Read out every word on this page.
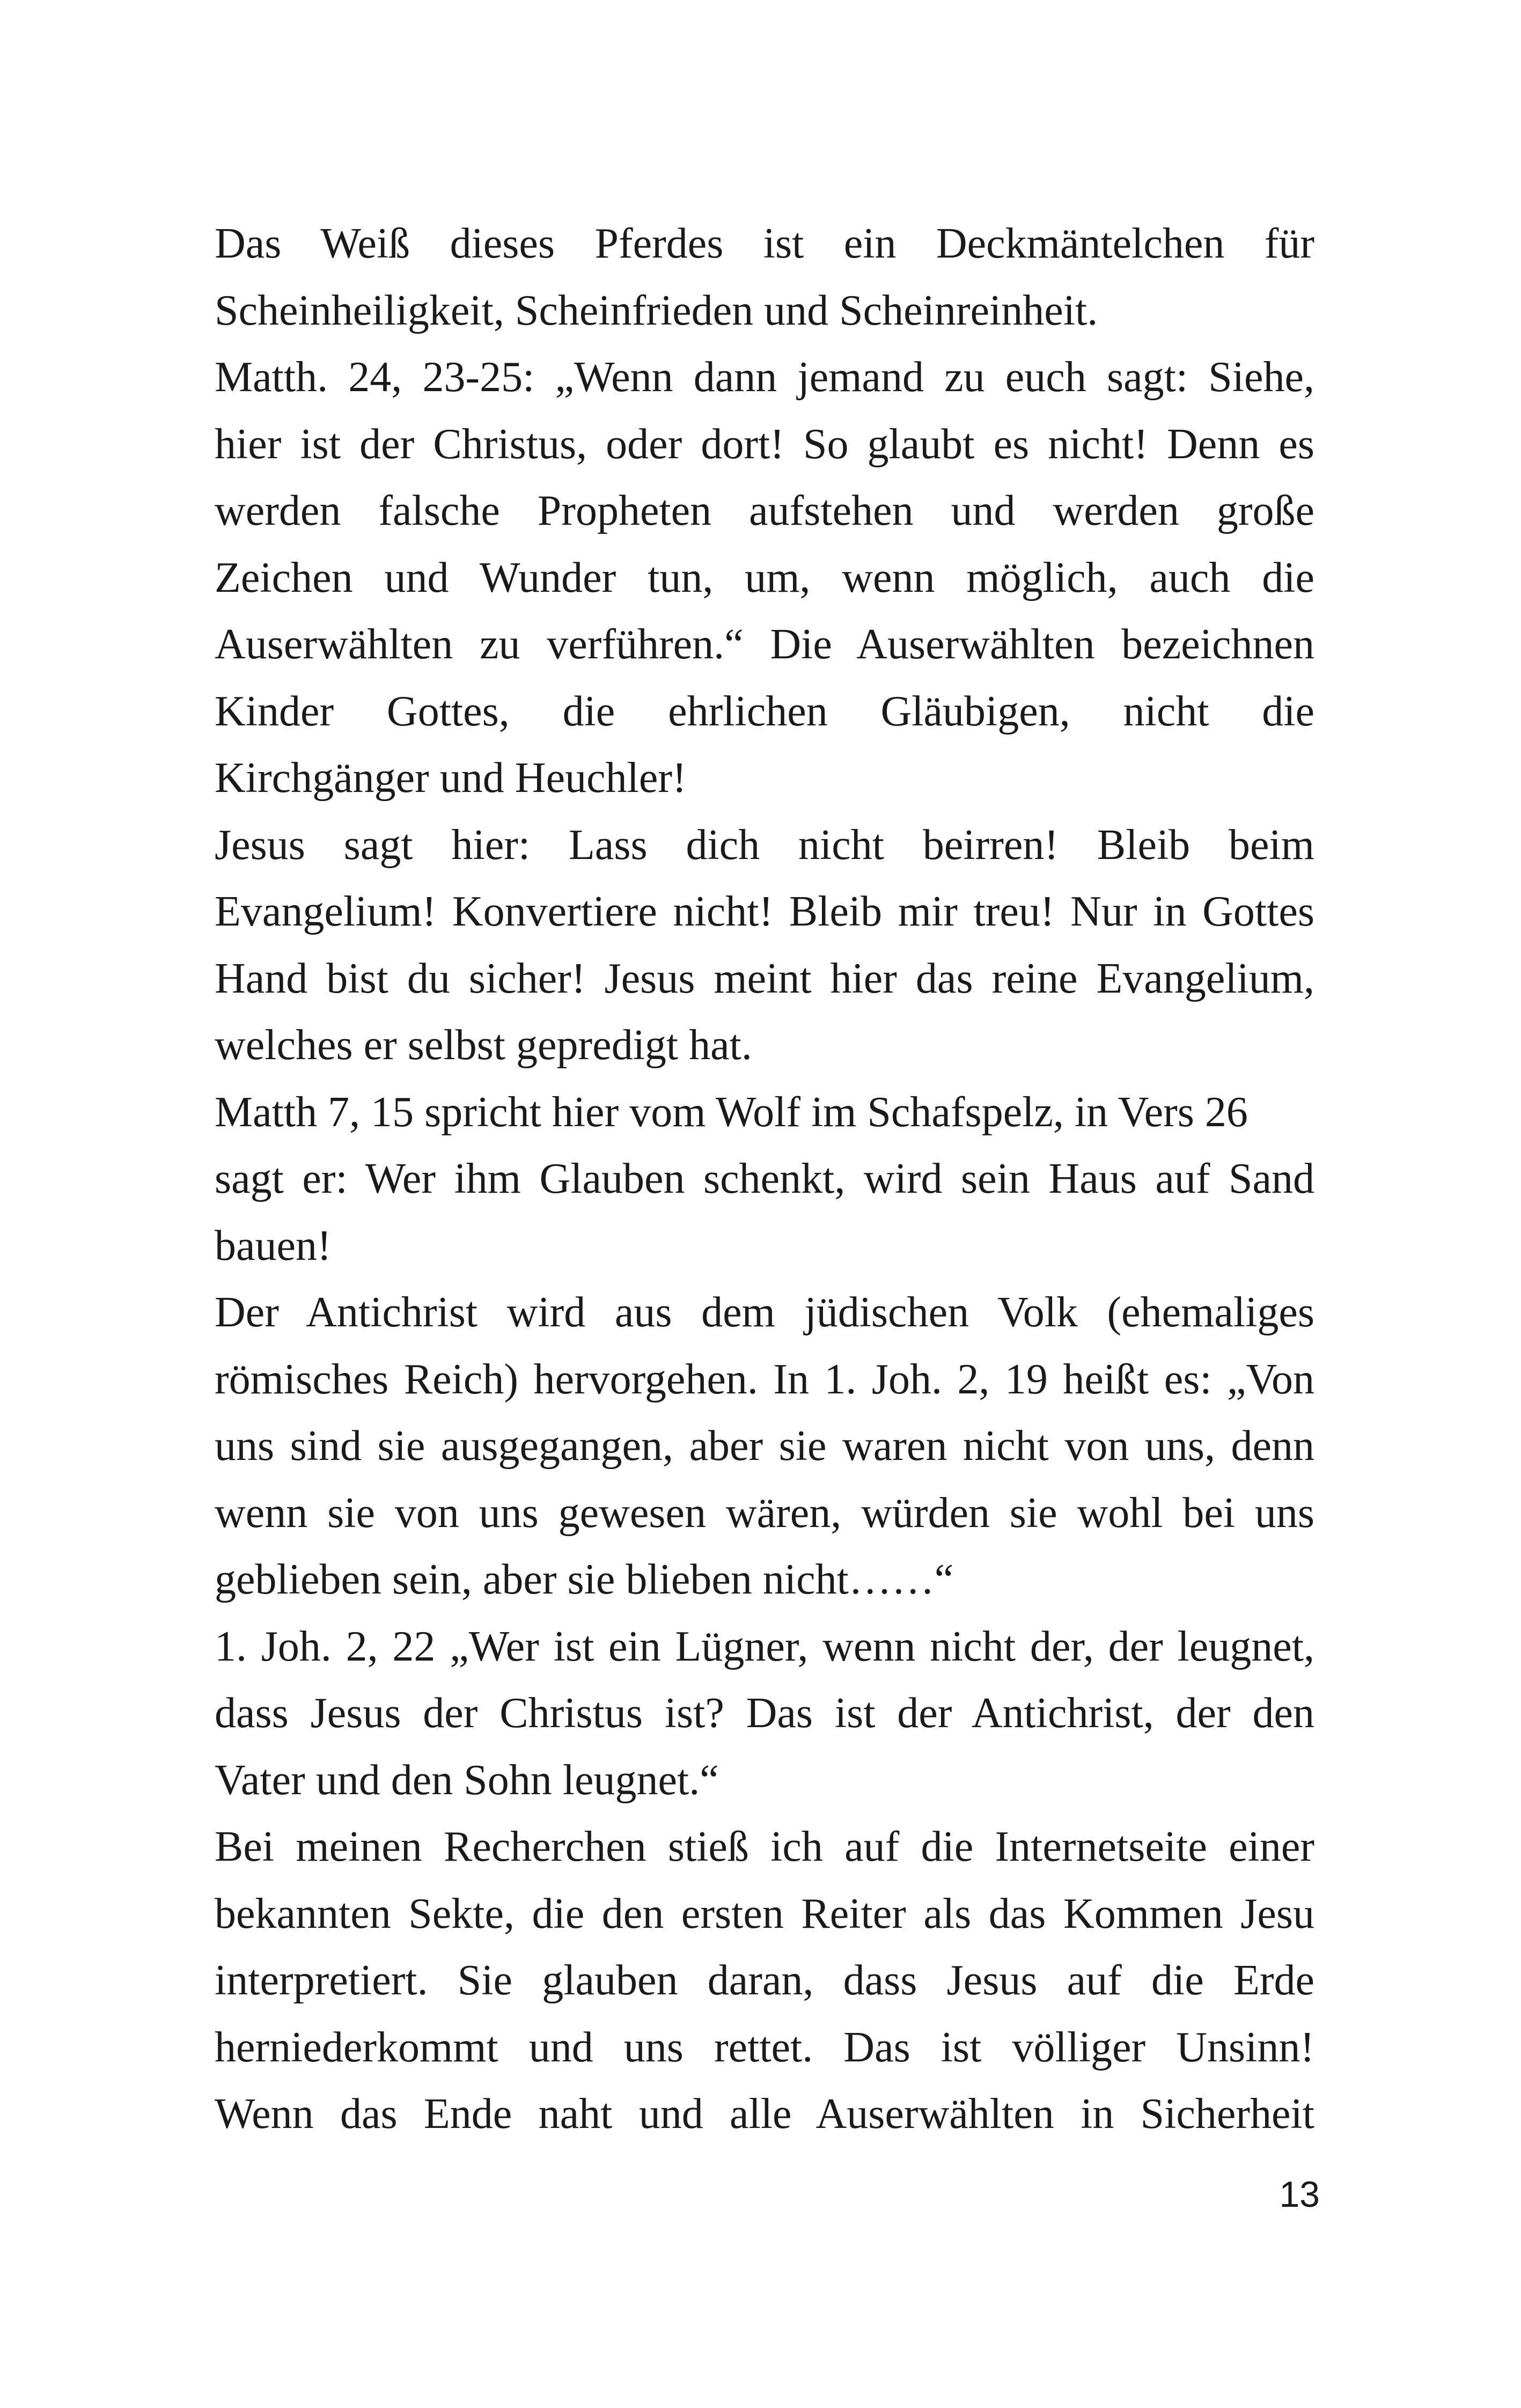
Das Weiß dieses Pferdes ist ein Deckmäntelchen für
Scheinheiligkeit, Scheinfrieden und Scheinreinheit.
Matth. 24, 23-25: „Wenn dann jemand zu euch sagt: Siehe,
hier ist der Christus, oder dort! So glaubt es nicht! Denn es
werden falsche Propheten aufstehen und werden große
Zeichen und Wunder tun, um, wenn möglich, auch die
Auserwählten zu verführen.“ Die Auserwählten bezeichnen
Kinder Gottes, die ehrlichen Gläubigen, nicht die
Kirchgänger und Heuchler!
Jesus sagt hier: Lass dich nicht beirren! Bleib beim
Evangelium! Konvertiere nicht! Bleib mir treu! Nur in Gottes
Hand bist du sicher! Jesus meint hier das reine Evangelium,
welches er selbst gepredigt hat.
Matth 7, 15 spricht hier vom Wolf im Schafspelz, in Vers 26
sagt er: Wer ihm Glauben schenkt, wird sein Haus auf Sand
bauen!
Der Antichrist wird aus dem jüdischen Volk (ehemaliges
römisches Reich) hervorgehen. In 1. Joh. 2, 19 heißt es: „Von
uns sind sie ausgegangen, aber sie waren nicht von uns, denn
wenn sie von uns gewesen wären, würden sie wohl bei uns
geblieben sein, aber sie blieben nicht……“
1. Joh. 2, 22 „Wer ist ein Lügner, wenn nicht der, der leugnet,
dass Jesus der Christus ist? Das ist der Antichrist, der den
Vater und den Sohn leugnet.“
Bei meinen Recherchen stieß ich auf die Internetseite einer
bekannten Sekte, die den ersten Reiter als das Kommen Jesu
interpretiert. Sie glauben daran, dass Jesus auf die Erde
herniederkommt und uns rettet. Das ist völliger Unsinn!
Wenn das Ende naht und alle Auserwählten in Sicherheit
13
